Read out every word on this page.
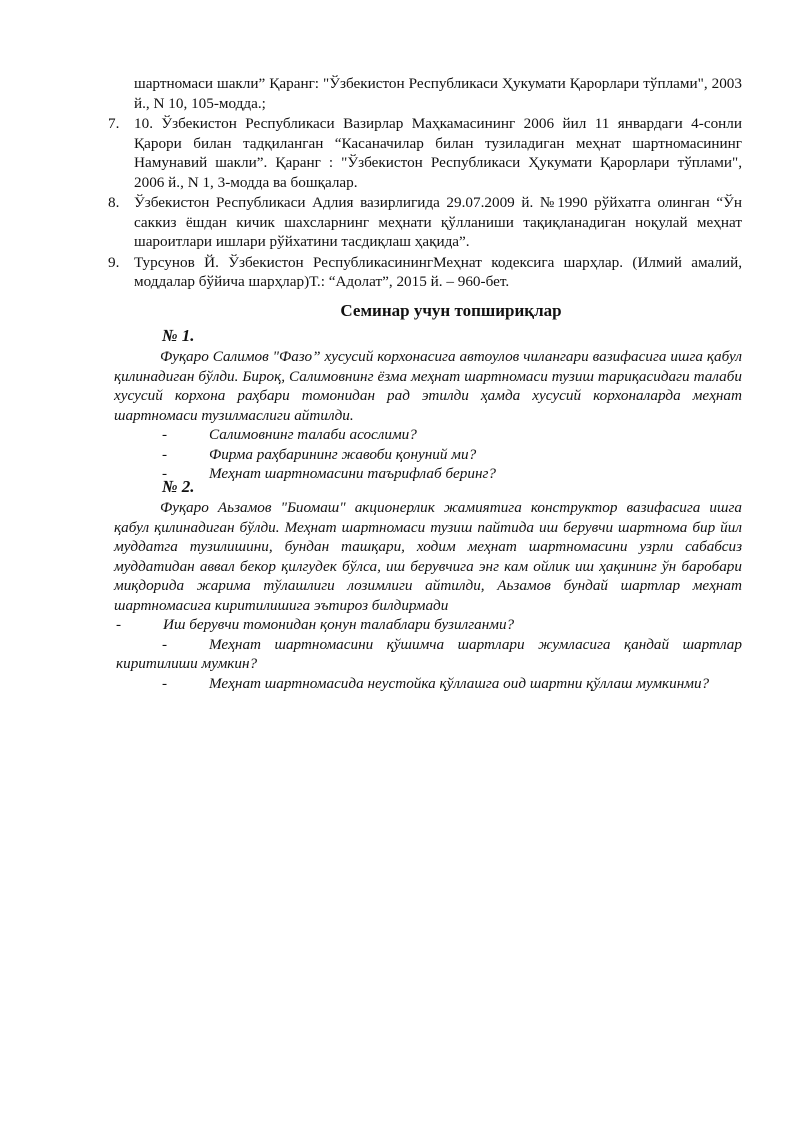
шартномаси шакли” Қаранг: "Ўзбекистон Республикаси Ҳукумати Қарорлари тўплами", 2003 й., N 10, 105-модда.;
7. 10. Ўзбекистон Республикаси Вазирлар Маҳкамасининг 2006 йил 11 январдаги 4-сонли Қарори билан тадқиланган “Касаначилар билан тузиладиган меҳнат шартномасининг Намунавий шакли”. Қаранг : "Ўзбекистон Республикаси Ҳукумати Қарорлари тўплами", 2006 й., N 1, 3-модда ва бошқалар.
8. Ўзбекистон Республикаси Адлия вазирлигида 29.07.2009 й. №1990 рўйхатга олинган “Ўн саккиз ёшдан кичик шахсларнинг меҳнати қўлланиши тақиқланадиган ноқулай меҳнат шароитлари ишлари рўйхатини тасдиқлаш ҳақида”.
9. Турсунов Й. Ўзбекистон РеспубликасинингМеҳнат кодексига шарҳлар. (Илмий амалий, моддалар бўйича шарҳлар)Т.: “Адолат”, 2015 й. – 960-бет.
Семинар учун топшириқлар
№ 1.
Фуқаро Салимов "Фазо” хусусий корхонасига автоулов чилангари вазифасига ишга қабул қилинадиган бўлди. Бироқ, Салимовнинг ёзма меҳнат шартномаси тузиш тариқасидаги талаби хусусий корхона раҳбари томонидан рад этилди ҳамда хусусий корхоналарда меҳнат шартномаси тузилмаслиги айтилди.
-	Салимовнинг талаби асослими?
-	Фирма раҳбарининг жавоби қонуний ми?
-	Меҳнат шартномасини таърифлаб беринг?
№ 2.
Фуқаро Аьзамов "Биомаш" акционерлик жамиятига конструктор вазифасига ишга қабул қилинадиган бўлди. Меҳнат шартномаси тузиш пайтида иш берувчи шартнома бир йил муддатга тузилишини, бундан ташқари, ходим меҳнат шартномасини узрли сабабсиз муддатидан аввал бекор қилгудек бўлса, иш берувчига энг кам ойлик иш ҳақининг ўн баробари миқдорида жарима тўлашлиги лозимлиги айтилди, Аьзамов бундай шартлар меҳнат шартномасига киритилишига эътироз билдирмади
-	Иш берувчи томонидан қонун талаблари бузилганми?
-	Меҳнат шартномасини қўшимча шартлари жумласига қандай шартлар киритилиши мумкин?
-	Меҳнат шартномасида неустойка қўллашга оид шартни қўллаш мумкинми?
